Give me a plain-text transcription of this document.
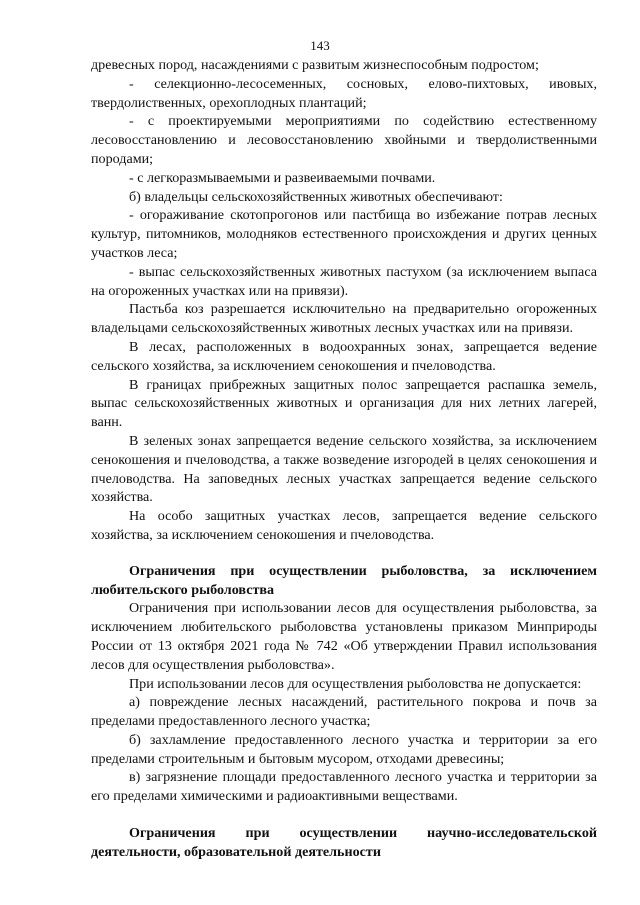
143

древесных пород, насаждениями с развитым жизнеспособным подростом;

- селекционно-лесосеменных, сосновых, елово-пихтовых, ивовых, твердолиственных, орехоплодных плантаций;

- с проектируемыми мероприятиями по содействию естественному лесовосстановлению и лесовосстановлению хвойными и твердолиственными породами;

- с легкоразмываемыми и развеиваемыми почвами.

б) владельцы сельскохозяйственных животных обеспечивают:

- огораживание скотопрогонов или пастбища во избежание потрав лесных культур, питомников, молодняков естественного происхождения и других ценных участков леса;

- выпас сельскохозяйственных животных пастухом (за исключением выпаса на огороженных участках или на привязи).

Пастьба коз разрешается исключительно на предварительно огороженных владельцами сельскохозяйственных животных лесных участках или на привязи.

В лесах, расположенных в водоохранных зонах, запрещается ведение сельского хозяйства, за исключением сенокошения и пчеловодства.

В границах прибрежных защитных полос запрещается распашка земель, выпас сельскохозяйственных животных и организация для них летних лагерей, ванн.

В зеленых зонах запрещается ведение сельского хозяйства, за исключением сенокошения и пчеловодства, а также возведение изгородей в целях сенокошения и пчеловодства. На заповедных лесных участках запрещается ведение сельского хозяйства.

На особо защитных участках лесов, запрещается ведение сельского хозяйства, за исключением сенокошения и пчеловодства.

Ограничения при осуществлении рыболовства, за исключением любительского рыболовства

Ограничения при использовании лесов для осуществления рыболовства, за исключением любительского рыболовства установлены приказом Минприроды России от 13 октября 2021 года № 742 «Об утверждении Правил использования лесов для осуществления рыболовства».

При использовании лесов для осуществления рыболовства не допускается:

а) повреждение лесных насаждений, растительного покрова и почв за пределами предоставленного лесного участка;

б) захламление предоставленного лесного участка и территории за его пределами строительным и бытовым мусором, отходами древесины;

в) загрязнение площади предоставленного лесного участка и территории за его пределами химическими и радиоактивными веществами.

Ограничения при осуществлении научно-исследовательской деятельности, образовательной деятельности
